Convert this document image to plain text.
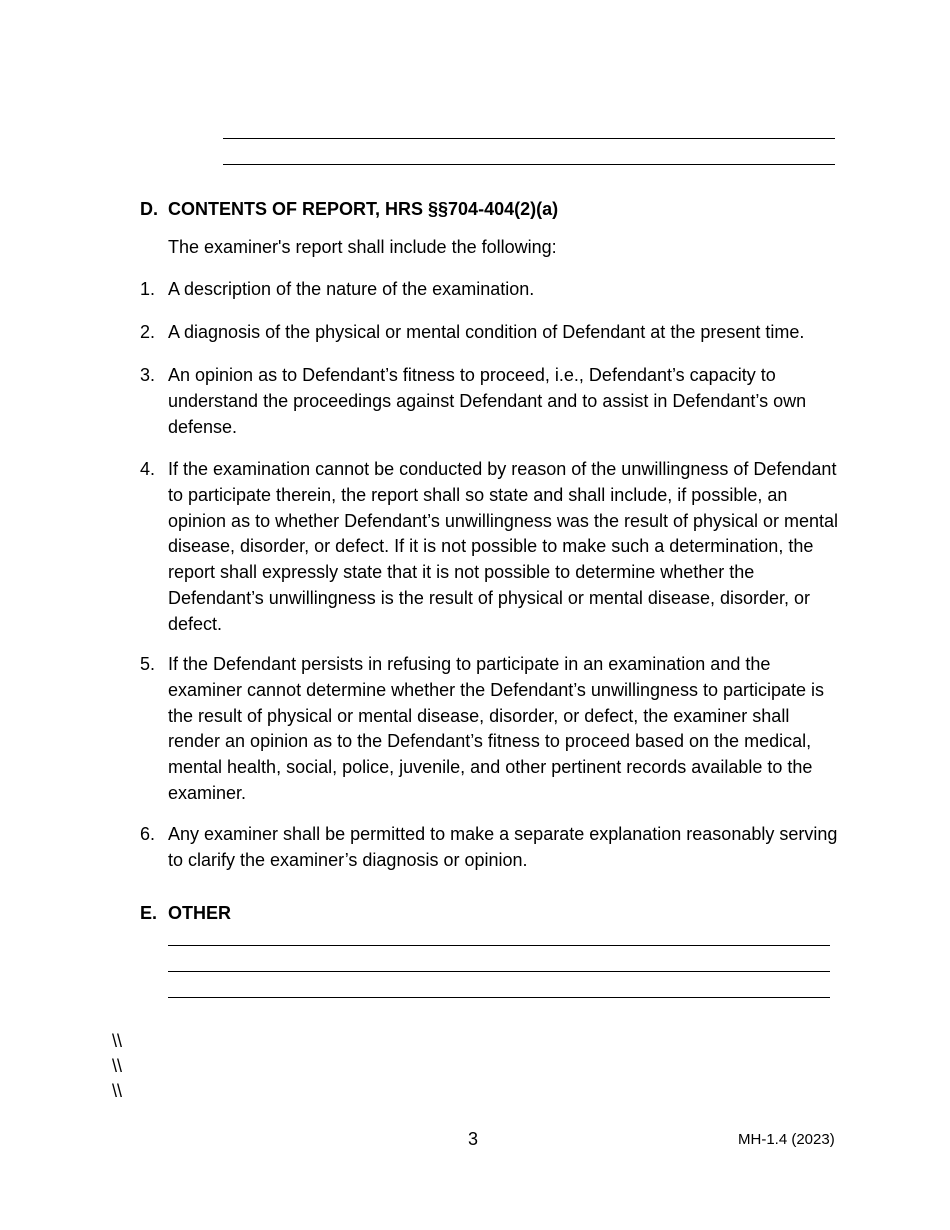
D. CONTENTS OF REPORT, HRS §§704-404(2)(a)
The examiner's report shall include the following:
1. A description of the nature of the examination.
2. A diagnosis of the physical or mental condition of Defendant at the present time.
3. An opinion as to Defendant’s fitness to proceed, i.e., Defendant’s capacity to understand the proceedings against Defendant and to assist in Defendant’s own defense.
4. If the examination cannot be conducted by reason of the unwillingness of Defendant to participate therein, the report shall so state and shall include, if possible, an opinion as to whether Defendant’s unwillingness was the result of physical or mental disease, disorder, or defect. If it is not possible to make such a determination, the report shall expressly state that it is not possible to determine whether the Defendant’s unwillingness is the result of physical or mental disease, disorder, or defect.
5. If the Defendant persists in refusing to participate in an examination and the examiner cannot determine whether the Defendant’s unwillingness to participate is the result of physical or mental disease, disorder, or defect, the examiner shall render an opinion as to the Defendant’s fitness to proceed based on the medical, mental health, social, police, juvenile, and other pertinent records available to the examiner.
6. Any examiner shall be permitted to make a separate explanation reasonably serving to clarify the examiner’s diagnosis or opinion.
E. OTHER
\\
\\
\\
3	MH-1.4 (2023)
